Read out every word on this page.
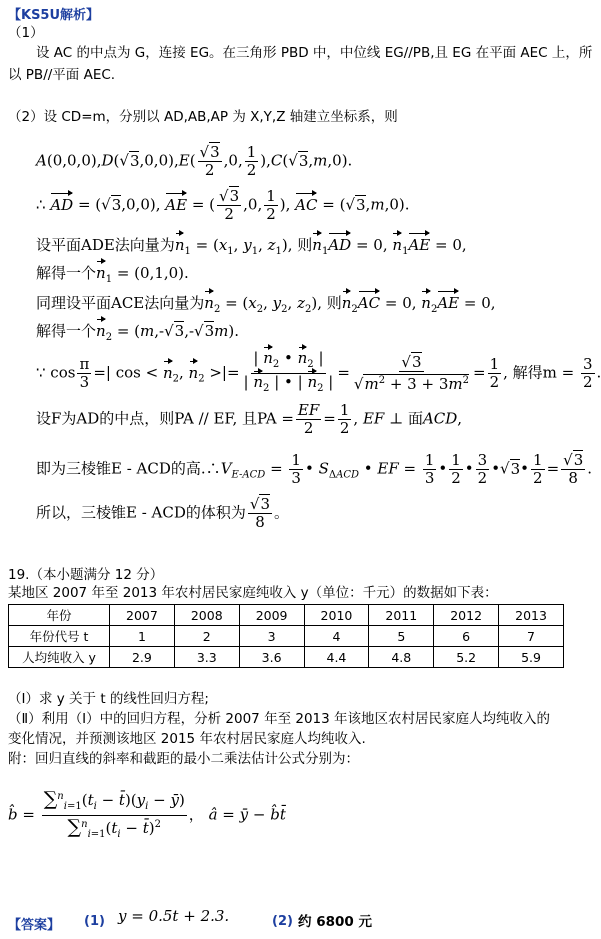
【KS5U解析】
（1）
设 AC 的中点为 G，连接 EG。在三角形 PBD 中，中位线 EG//PB,且 EG 在平面 AEC 上，所
以 PB//平面 AEC.
（2）设 CD=m，分别以 AD,AB,AP 为 X,Y,Z 轴建立坐标系，则
$A(0,0,0),D(√3,0,0),E( \frac{√3}{2} ,0$, $\frac{1}{2} ),C(√3,m,0)$.
∴ AD = (√3,0,0), AE = ( $\frac{√3}{2} ,0$, $\frac{1}{2}$ ), AC = (√3,m,0).
设平面ADE法向量为$n_1 = (x_1$, $y_1$, $z_1$), 则$n_1AD = 0$, $n_1AE = 0$,
解得一个$n_1 = (0,1,0)$.
同理设平面ACE法向量为$n_2 = (x_2$, $y_2$, $z_2$), 则$n_2AC = 0$, $n_2AE = 0$,
解得一个$n_2 = (m,-√3,-√3m)$.
∵ $\cos \frac{\pi}{3}$ =| $\cos < n_2$, $n_2$ >|= $\frac{| n_2 • n_2 |}{| n_2 | • | n_2 |} = \frac{√3}{√m^2 + 3 + 3m^2} = \frac{1}{2}$ , 解得$m = \frac{3}{2}$ .
设F为AD的中点，则PA // EF, 且PA = $\frac{EF}{2} = \frac{1}{2}$ , EF ⊥ 面ACD,
即为三棱锥E - ACD的高$.\therefore V_{E-ACD} = \frac{1}{3}$ • $S_{\Delta ACD}$ • EF = $\frac{1}{3}$ • $\frac{1}{2}$ • $\frac{3}{2}$ •√3• $\frac{1}{2} = \frac{√3}{8}$ .
所以，三棱锥E - ACD的体积为 $\frac{√3}{8}$ 。
19.（本小题满分 12 分）
某地区 2007 年至 2013 年农村居民家庭纯收入 y（单位：千元）的数据如下表：
年份	2007	2008	2009	2010	2011	2012	2013
年份代号 t	1	2	3	4	5	6	7
人均纯收入 y	2.9	3.3	3.6	4.4	4.8	5.2	5.9
（Ⅰ）求 y 关于 t 的线性回归方程;
（Ⅱ）利用（Ⅰ）中的回归方程，分析 2007 年至 2013 年该地区农村居民家庭人均纯收入的
变化情况，并预测该地区 2015 年农村居民家庭人均纯收入.
附：回归直线的斜率和截距的最小二乘法估计公式分别为：
b̂ = $\frac{\sum^n_{i=1}(t_i - t̄)(y_i - ȳ)}{\sum^n_{i=1}(t_i - t̄)^2}$ ， â = ȳ − b̂t̄
【答案】 (1) y = 0.5t + 2.3.	(2) 约 6800 元
